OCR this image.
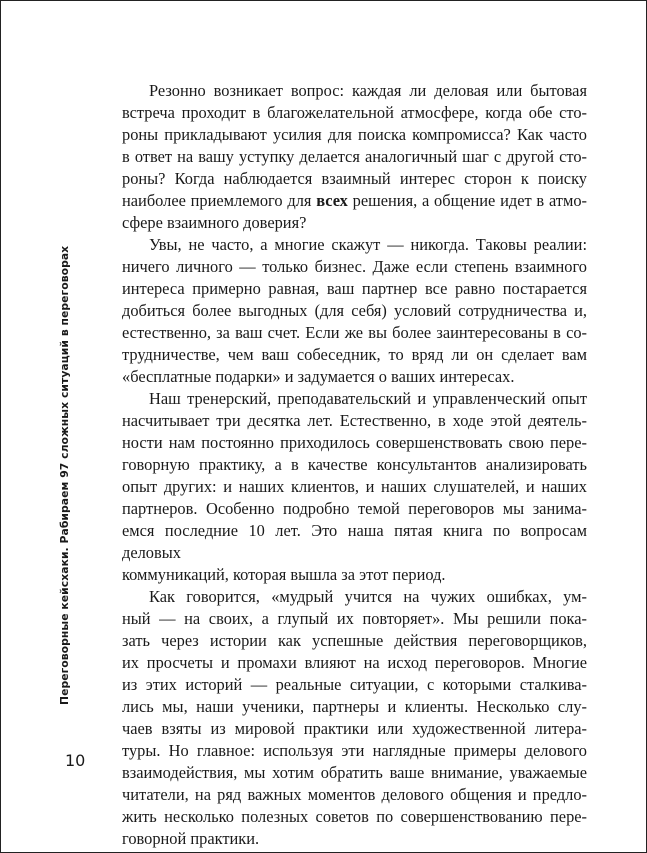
Переговорные кейсхаки. Рабираем 97 сложных ситуаций в переговорах
Резонно возникает вопрос: каждая ли деловая или бытовая
встреча проходит в благожелательной атмосфере, когда обе сто-
роны прикладывают усилия для поиска компромисса? Как часто
в ответ на вашу уступку делается аналогичный шаг с другой сто-
роны? Когда наблюдается взаимный интерес сторон к поиску
наиболее приемлемого для всех решения, а общение идет в атмо-
сфере взаимного доверия?
Увы, не часто, а многие скажут — никогда. Таковы реалии:
ничего личного — только бизнес. Даже если степень взаимного
интереса примерно равная, ваш партнер все равно постарается
добиться более выгодных (для себя) условий сотрудничества и,
естественно, за ваш счет. Если же вы более заинтересованы в со-
трудничестве, чем ваш собеседник, то вряд ли он сделает вам
«бесплатные подарки» и задумается о ваших интересах.
Наш тренерский, преподавательский и управленческий опыт
насчитывает три десятка лет. Естественно, в ходе этой деятель-
ности нам постоянно приходилось совершенствовать свою пере-
говорную практику, а в качестве консультантов анализировать
опыт других: и наших клиентов, и наших слушателей, и наших
партнеров. Особенно подробно темой переговоров мы занима-
емся последние 10 лет. Это наша пятая книга по вопросам деловых
коммуникаций, которая вышла за этот период.
Как говорится, «мудрый учится на чужих ошибках, ум-
ный — на своих, а глупый их повторяет». Мы решили пока-
зать через истории как успешные действия переговорщиков,
их просчеты и промахи влияют на исход переговоров. Многие
из этих историй — реальные ситуации, с которыми сталкива-
лись мы, наши ученики, партнеры и клиенты. Несколько слу-
чаев взяты из мировой практики или художественной литера-
туры. Но главное: используя эти наглядные примеры делового
взаимодействия, мы хотим обратить ваше внимание, уважаемые
читатели, на ряд важных моментов делового общения и предло-
жить несколько полезных советов по совершенствованию пере-
говорной практики.
10
